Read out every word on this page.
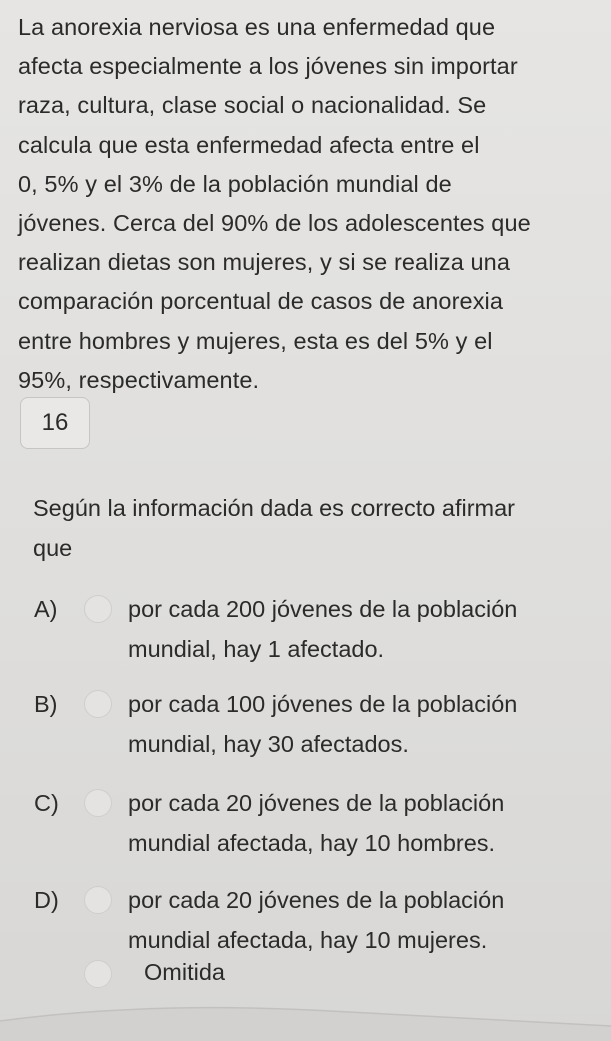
La anorexia nerviosa es una enfermedad que

afecta especialmente a los jóvenes sin importar

raza, cultura, clase social o nacionalidad. Se

calcula que esta enfermedad afecta entre el

0, 5% y el 3% de la población mundial de

jóvenes. Cerca del 90% de los adolescentes que

realizan dietas son mujeres, y si se realiza una

comparación porcentual de casos de anorexia

entre hombres y mujeres, esta es del 5% y el

95%, respectivamente.

16

Según la información dada es correcto afirmar

que

A)	por cada 200 jóvenes de la población

mundial, hay 1 afectado.

B)	por cada 100 jóvenes de la población

mundial, hay 30 afectados.

C)	por cada 20 jóvenes de la población

mundial afectada, hay 10 hombres.

D)	por cada 20 jóvenes de la población

mundial afectada, hay 10 mujeres.

Omitida
